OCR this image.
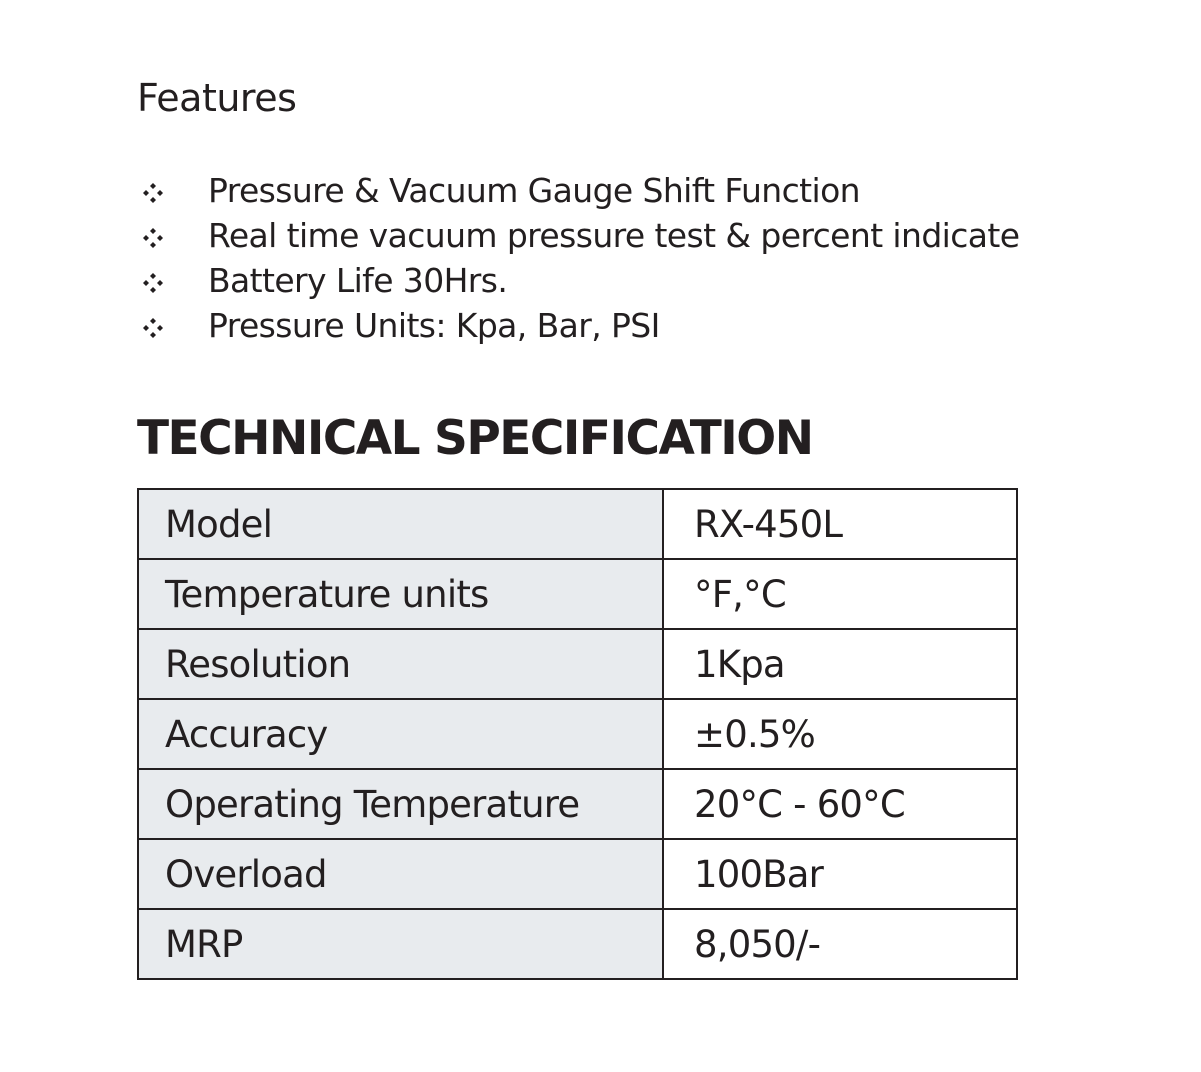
Features
Pressure & Vacuum Gauge Shift Function
Real time vacuum pressure test & percent indicate
Battery Life 30Hrs.
Pressure Units: Kpa, Bar, PSI
TECHNICAL SPECIFICATION
Model	RX-450L
Temperature units	°F,°C
Resolution	1Kpa
Accuracy	±0.5%
Operating Temperature	20°C - 60°C
Overload	100Bar
MRP	8,050/-
